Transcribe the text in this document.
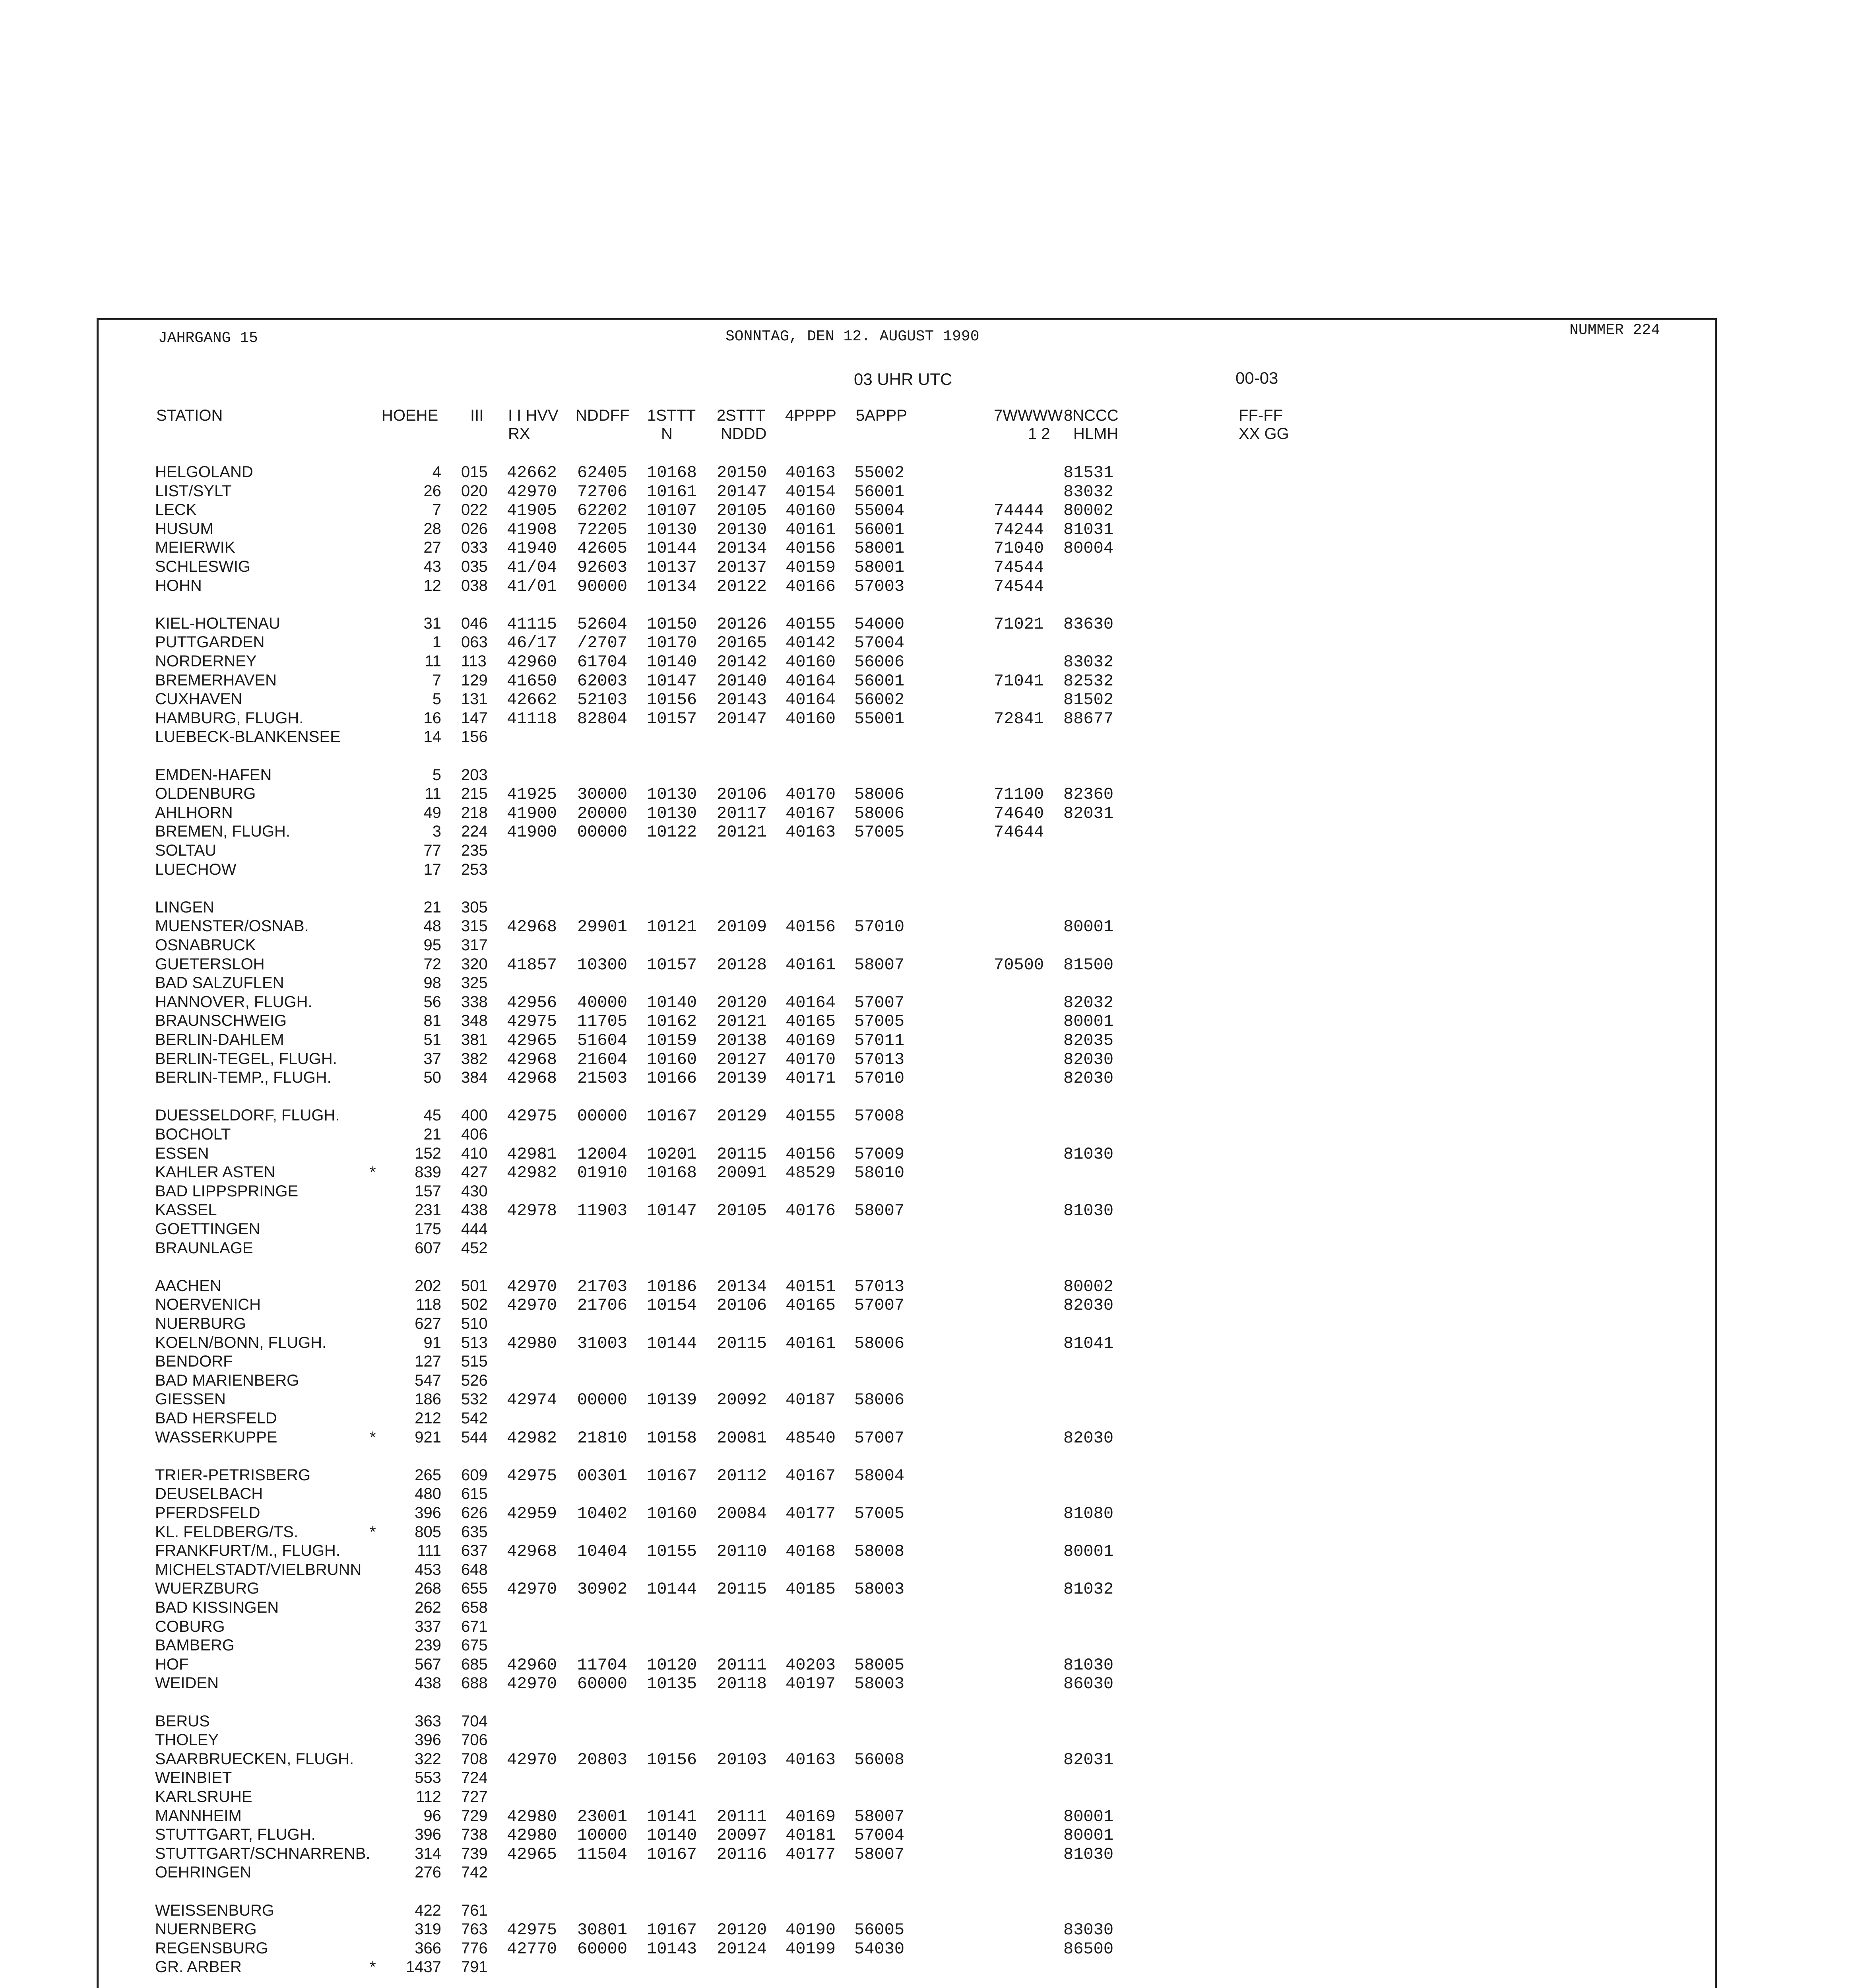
JAHRGANG 15	SONNTAG, DEN 12. AUGUST 1990	NUMMER 224
03 UHR UTC	00-03
STATION	HOEHE III I I HVV
RX
NDDFF 1STTT
N
2STTT
NDDD
4PPPP 5APPP	7WWWW
1 2
8NCCC
HLMH
FF-FF
XX GG
HELGOLAND	4 015 42662 62405 10168 20150 40163 55002	81531
LIST/SYLT	26 020 42970 72706 10161 20147 40154 56001	83032
LECK	7 022 41905 62202 10107 20105 40160 55004	74444 80002
HUSUM	28 026 41908 72205 10130 20130 40161 56001	74244 81031
MEIERWIK	27 033 41940 42605 10144 20134 40156 58001	71040 80004
SCHLESWIG	43 035 41/04 92603 10137 20137 40159 58001	74544
HOHN	12 038 41/01 90000 10134 20122 40166 57003	74544
KIEL-HOLTENAU	31 046 41115 52604 10150 20126 40155 54000	71021 83630
PUTTGARDEN	1 063 46/17 /2707 10170 20165 40142 57004
NORDERNEY	11 113 42960 61704 10140 20142 40160 56006	83032
BREMERHAVEN	7 129 41650 62003 10147 20140 40164 56001	71041 82532
CUXHAVEN	5 131 42662 52103 10156 20143 40164 56002	81502
HAMBURG, FLUGH.	16 147 41118 82804 10157 20147 40160 55001	72841 88677
LUEBECK-BLANKENSEE	14 156
EMDEN-HAFEN	5 203
OLDENBURG	11 215 41925 30000 10130 20106 40170 58006	71100 82360
AHLHORN	49 218 41900 20000 10130 20117 40167 58006	74640 82031
BREMEN, FLUGH.	3 224 41900 00000 10122 20121 40163 57005	74644
SOLTAU	77 235
LUECHOW	17 253
LINGEN	21 305
MUENSTER/OSNAB.	48 315 42968 29901 10121 20109 40156 57010	80001
OSNABRUCK	95 317
GUETERSLOH	72 320 41857 10300 10157 20128 40161 58007	70500 81500
BAD SALZUFLEN	98 325
HANNOVER, FLUGH.	56 338 42956 40000 10140 20120 40164 57007	82032
BRAUNSCHWEIG	81 348 42975 11705 10162 20121 40165 57005	80001
BERLIN-DAHLEM	51 381 42965 51604 10159 20138 40169 57011	82035
BERLIN-TEGEL, FLUGH.	37 382 42968 21604 10160 20127 40170 57013	82030
BERLIN-TEMP., FLUGH.	50 384 42968 21503 10166 20139 40171 57010	82030
DUESSELDORF, FLUGH.	45 400 42975 00000 10167 20129 40155 57008
BOCHOLT	21 406
ESSEN	152 410 42981 12004 10201 20115 40156 57009	81030
KAHLER ASTEN	*	839 427 42982 01910 10168 20091 48529 58010
BAD LIPPSPRINGE	157 430
KASSEL	231 438 42978 11903 10147 20105 40176 58007	81030
GOETTINGEN	175 444
BRAUNLAGE	607 452
AACHEN	202 501 42970 21703 10186 20134 40151 57013	80002
NOERVENICH	118 502 42970 21706 10154 20106 40165 57007	82030
NUERBURG	627 510
KOELN/BONN, FLUGH.	91 513 42980 31003 10144 20115 40161 58006	81041
BENDORF	127 515
BAD MARIENBERG	547 526
GIESSEN	186 532 42974 00000 10139 20092 40187 58006
BAD HERSFELD	212 542
WASSERKUPPE	*	921 544 42982 21810 10158 20081 48540 57007	82030
TRIER-PETRISBERG	265 609 42975 00301 10167 20112 40167 58004
DEUSELBACH	480 615
PFERDSFELD	396 626 42959 10402 10160 20084 40177 57005	81080
KL. FELDBERG/TS.	*	805 635
FRANKFURT/M., FLUGH.	111 637 42968 10404 10155 20110 40168 58008	80001
MICHELSTADT/VIELBRUNN	453 648
WUERZBURG	268 655 42970 30902 10144 20115 40185 58003	81032
BAD KISSINGEN	262 658
COBURG	337 671
BAMBERG	239 675
HOF	567 685 42960 11704 10120 20111 40203 58005	81030
WEIDEN	438 688 42970 60000 10135 20118 40197 58003	86030
BERUS	363 704
THOLEY	396 706
SAARBRUECKEN, FLUGH.	322 708 42970 20803 10156 20103 40163 56008	82031
WEINBIET	553 724
KARLSRUHE	112 727
MANNHEIM	96 729 42980 23001 10141 20111 40169 58007	80001
STUTTGART, FLUGH.	396 738 42980 10000 10140 20097 40181 57004	80001
STUTTGART/SCHNARRENB.	314 739 42965 11504 10167 20116 40177 58007	81030
OEHRINGEN	276 742
WEISSENBURG	422 761
NUERNBERG	319 763 42975 30801 10167 20120 40190 56005	83030
REGENSBURG	366 776 42770 60000 10143 20124 40199 54030	86500
GR. ARBER	* 1437 791
